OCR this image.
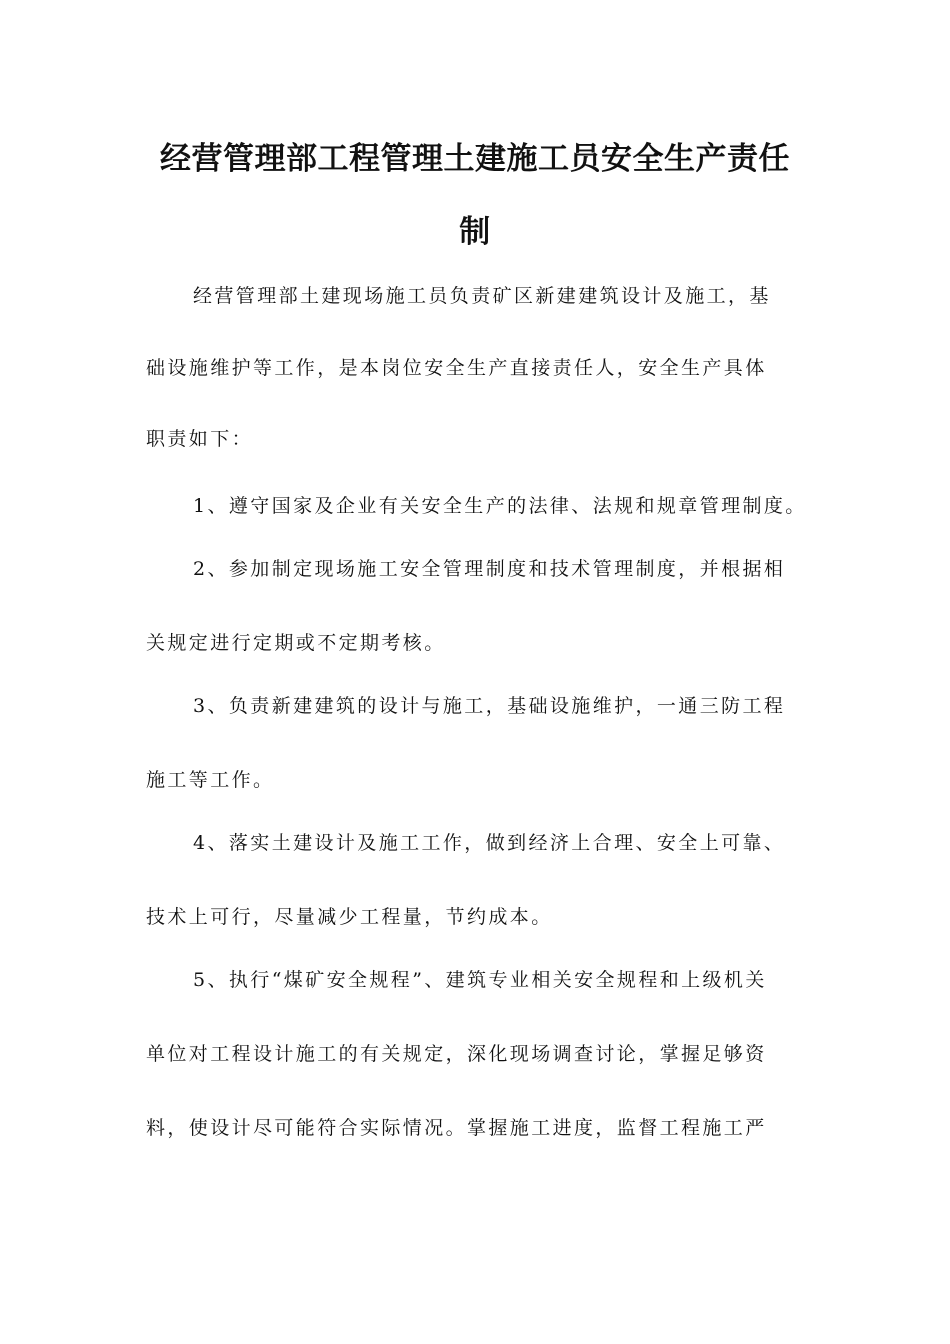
经营管理部工程管理土建施工员安全生产责任
制
经营管理部土建现场施工员负责矿区新建建筑设计及施工，基
础设施维护等工作，是本岗位安全生产直接责任人，安全生产具体
职责如下：
1、遵守国家及企业有关安全生产的法律、法规和规章管理制度。
2、参加制定现场施工安全管理制度和技术管理制度，并根据相
关规定进行定期或不定期考核。
3、负责新建建筑的设计与施工，基础设施维护，一通三防工程
施工等工作。
4、落实土建设计及施工工作，做到经济上合理、安全上可靠、
技术上可行，尽量减少工程量，节约成本。
5、执行“煤矿安全规程”、建筑专业相关安全规程和上级机关
单位对工程设计施工的有关规定，深化现场调查讨论，掌握足够资
料，使设计尽可能符合实际情况。掌握施工进度，监督工程施工严
